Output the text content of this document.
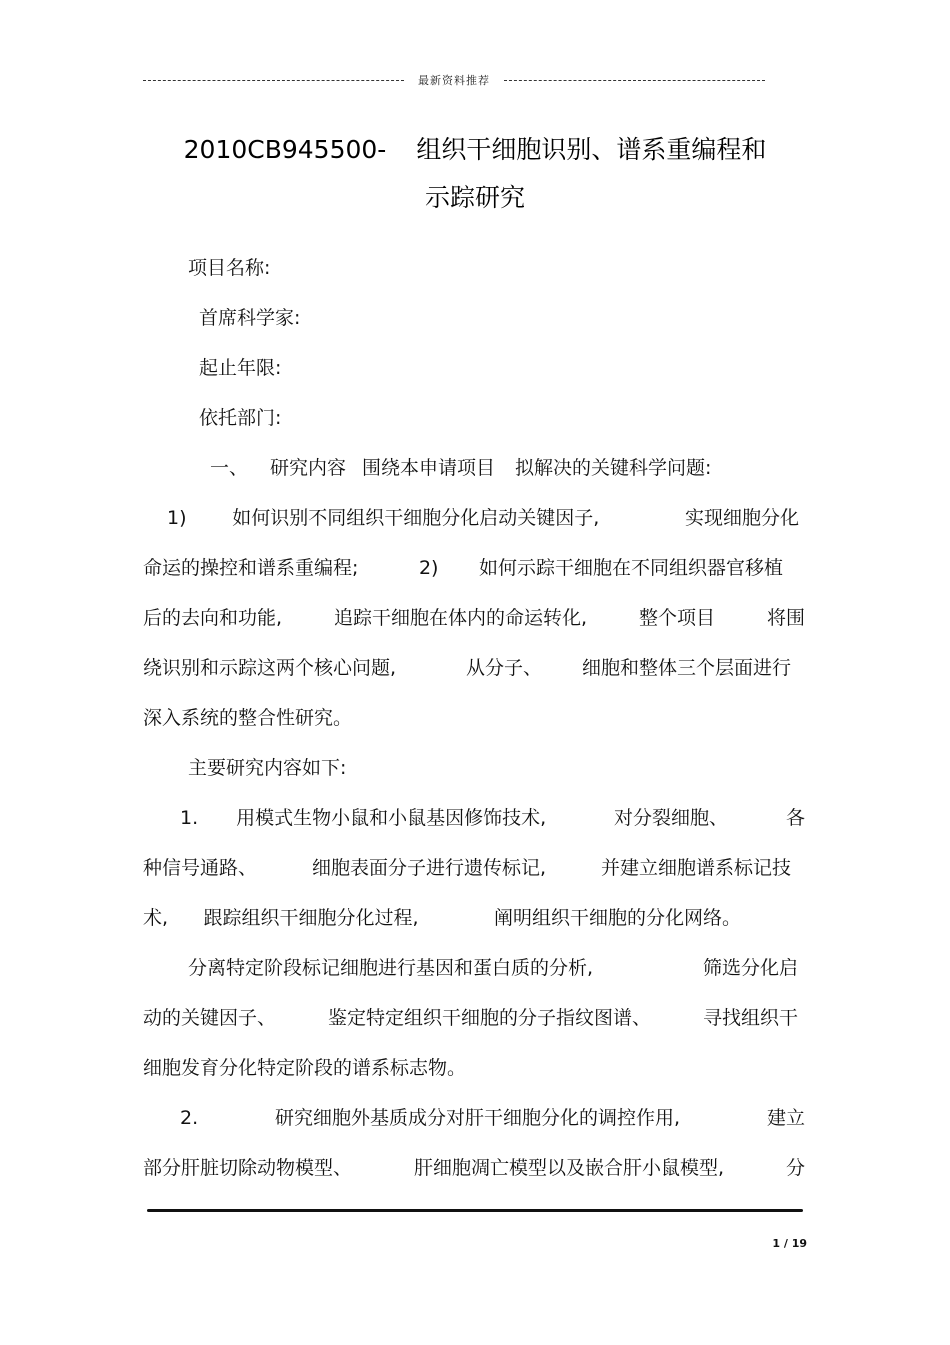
最新资料推荐
2010CB945500- 组织干细胞识别、谱系重编程和
示踪研究
项目名称:
首席科学家:
起止年限:
依托部门:
一、 研究内容 围绕本申请项目 拟解决的关键科学问题:
1) 如何识别不同组织干细胞分化启动关键因子,	实现细胞分化
命运的操控和谱系重编程;	2) 如何示踪干细胞在不同组织器官移植
后的去向和功能,	追踪干细胞在体内的命运转化,	整个项目	将围
绕识别和示踪这两个核心问题,	从分子、 细胞和整体三个层面进行
深入系统的整合性研究。
主要研究内容如下:
1. 用模式生物小鼠和小鼠基因修饰技术,	对分裂细胞、	各
种信号通路、	细胞表面分子进行遗传标记,	并建立细胞谱系标记技
术, 跟踪组织干细胞分化过程,	阐明组织干细胞的分化网络。
分离特定阶段标记细胞进行基因和蛋白质的分析,	筛选分化启
动的关键因子、	鉴定特定组织干细胞的分子指纹图谱、	寻找组织干
细胞发育分化特定阶段的谱系标志物。
2.	研究细胞外基质成分对肝干细胞分化的调控作用,	建立
部分肝脏切除动物模型、	肝细胞凋亡模型以及嵌合肝小鼠模型,	分
1 / 19
